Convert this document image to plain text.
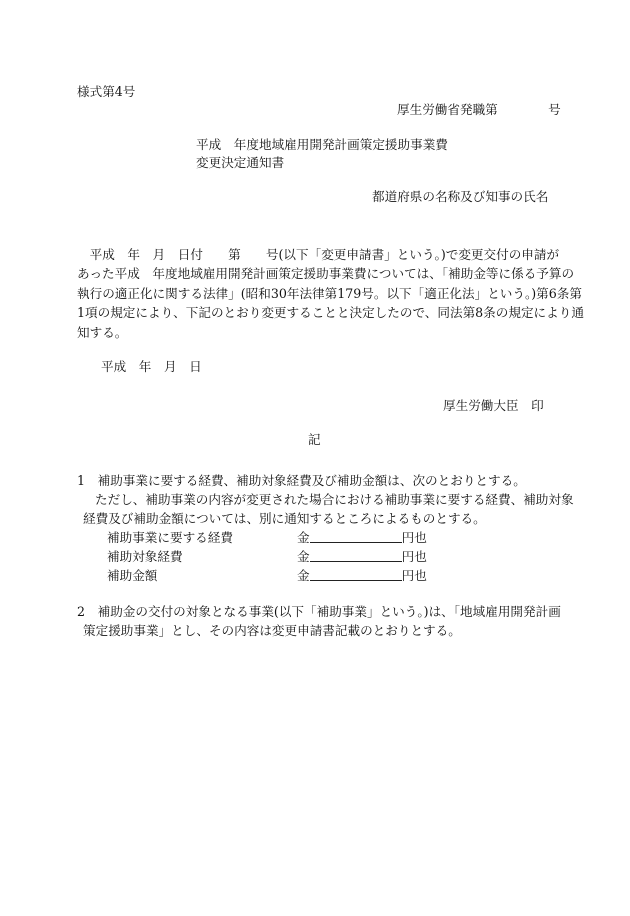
様式第4号
厚生労働省発職第　　　　号
平成　年度地域雇用開発計画策定援助事業費
変更決定通知書
都道府県の名称及び知事の氏名
　平成　年　月　日付　　第　　号(以下「変更申請書」という。)で変更交付の申請が
あった平成　年度地域雇用開発計画策定援助事業費については、「補助金等に係る予算の
執行の適正化に関する法律」(昭和30年法律第179号。以下「適正化法」という。)第6条第
1項の規定により、下記のとおり変更することと決定したので、同法第8条の規定により通
知する。
平成　年　月　日
厚生労働大臣　印
記
1　補助事業に要する経費、補助対象経費及び補助金額は、次のとおりとする。
ただし、補助事業の内容が変更された場合における補助事業に要する経費、補助対象
経費及び補助金額については、別に通知するところによるものとする。
補助事業に要する経費	金	円也
補助対象経費	金	円也
補助金額	金	円也
2　補助金の交付の対象となる事業(以下「補助事業」という。)は、「地域雇用開発計画
策定援助事業」とし、その内容は変更申請書記載のとおりとする。
